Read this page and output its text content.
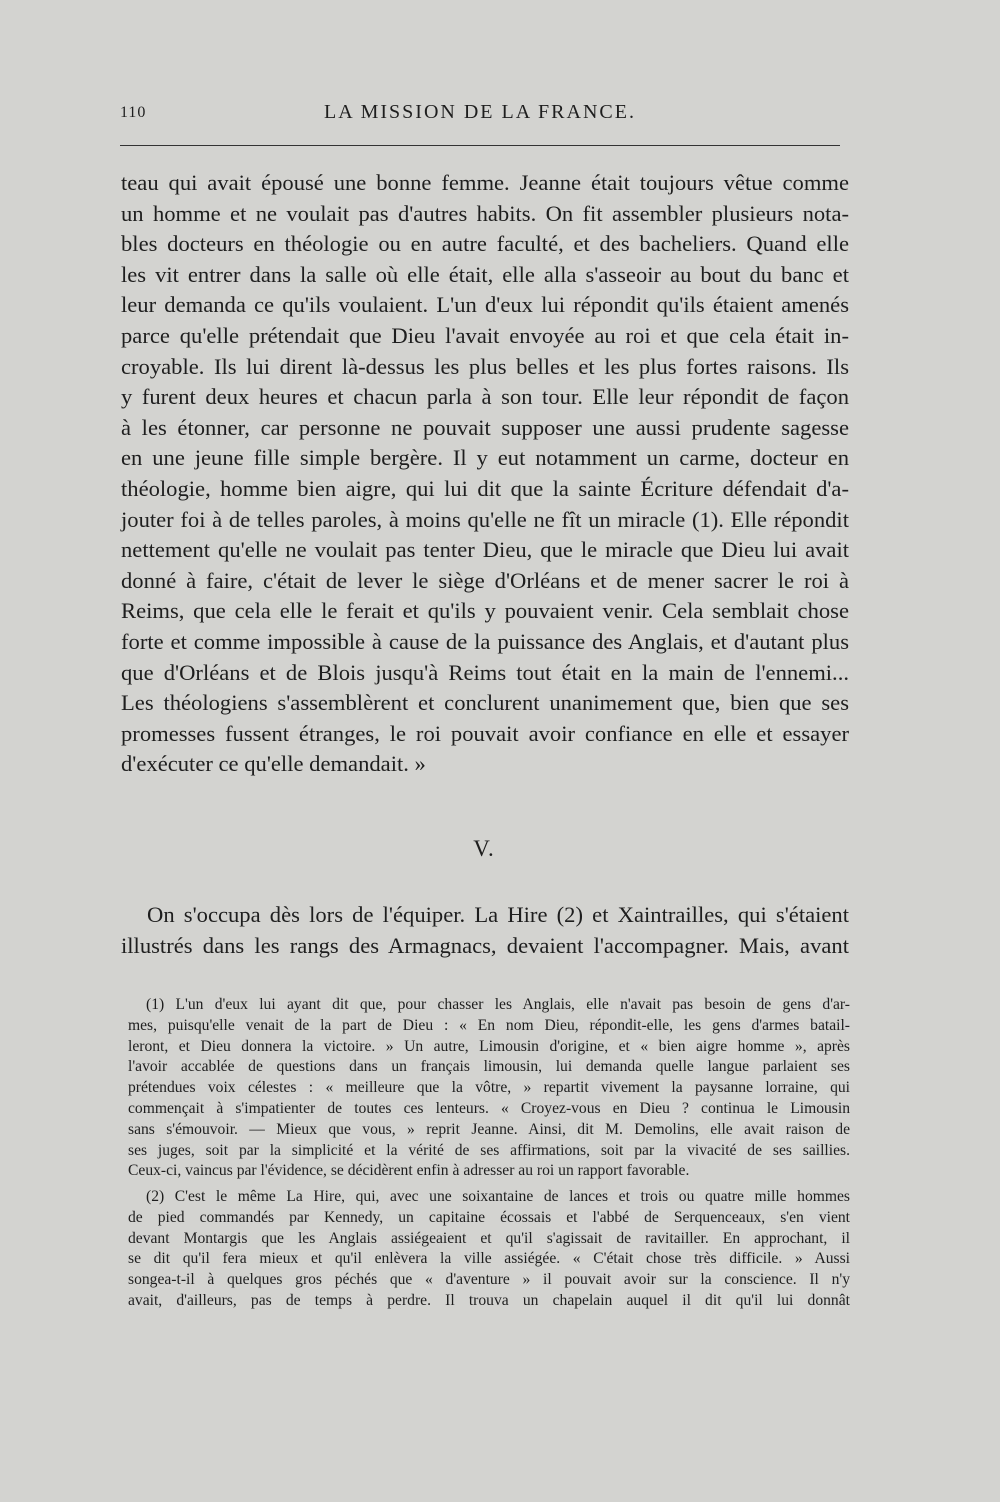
110	LA MISSION DE LA FRANCE.
teau qui avait épousé une bonne femme. Jeanne était toujours vêtue comme
un homme et ne voulait pas d'autres habits. On fit assembler plusieurs nota-
bles docteurs en théologie ou en autre faculté, et des bacheliers. Quand elle
les vit entrer dans la salle où elle était, elle alla s'asseoir au bout du banc et
leur demanda ce qu'ils voulaient. L'un d'eux lui répondit qu'ils étaient amenés
parce qu'elle prétendait que Dieu l'avait envoyée au roi et que cela était in-
croyable. Ils lui dirent là-dessus les plus belles et les plus fortes raisons. Ils
y furent deux heures et chacun parla à son tour. Elle leur répondit de façon
à les étonner, car personne ne pouvait supposer une aussi prudente sagesse
en une jeune fille simple bergère. Il y eut notamment un carme, docteur en
théologie, homme bien aigre, qui lui dit que la sainte Écriture défendait d'a-
jouter foi à de telles paroles, à moins qu'elle ne fît un miracle (1). Elle répondit
nettement qu'elle ne voulait pas tenter Dieu, que le miracle que Dieu lui avait
donné à faire, c'était de lever le siège d'Orléans et de mener sacrer le roi à
Reims, que cela elle le ferait et qu'ils y pouvaient venir. Cela semblait chose
forte et comme impossible à cause de la puissance des Anglais, et d'autant plus
que d'Orléans et de Blois jusqu'à Reims tout était en la main de l'ennemi...
Les théologiens s'assemblèrent et conclurent unanimement que, bien que ses
promesses fussent étranges, le roi pouvait avoir confiance en elle et essayer
d'exécuter ce qu'elle demandait. »
V.
On s'occupa dès lors de l'équiper. La Hire (2) et Xaintrailles, qui s'étaient
illustrés dans les rangs des Armagnacs, devaient l'accompagner. Mais, avant
(1) L'un d'eux lui ayant dit que, pour chasser les Anglais, elle n'avait pas besoin de gens d'ar-
mes, puisqu'elle venait de la part de Dieu : « En nom Dieu, répondit-elle, les gens d'armes batail-
leront, et Dieu donnera la victoire. » Un autre, Limousin d'origine, et « bien aigre homme », après
l'avoir accablée de questions dans un français limousin, lui demanda quelle langue parlaient ses
prétendues voix célestes : « meilleure que la vôtre, » repartit vivement la paysanne lorraine, qui
commençait à s'impatienter de toutes ces lenteurs. « Croyez-vous en Dieu ? continua le Limousin
sans s'émouvoir. — Mieux que vous, » reprit Jeanne. Ainsi, dit M. Demolins, elle avait raison de
ses juges, soit par la simplicité et la vérité de ses affirmations, soit par la vivacité de ses saillies.
Ceux-ci, vaincus par l'évidence, se décidèrent enfin à adresser au roi un rapport favorable.
(2) C'est le même La Hire, qui, avec une soixantaine de lances et trois ou quatre mille hommes
de pied commandés par Kennedy, un capitaine écossais et l'abbé de Serquenceaux, s'en vient
devant Montargis que les Anglais assiégeaient et qu'il s'agissait de ravitailler. En approchant, il
se dit qu'il fera mieux et qu'il enlèvera la ville assiégée. « C'était chose très difficile. » Aussi
songea-t-il à quelques gros péchés que « d'aventure » il pouvait avoir sur la conscience. Il n'y
avait, d'ailleurs, pas de temps à perdre. Il trouva un chapelain auquel il dit qu'il lui donnât
